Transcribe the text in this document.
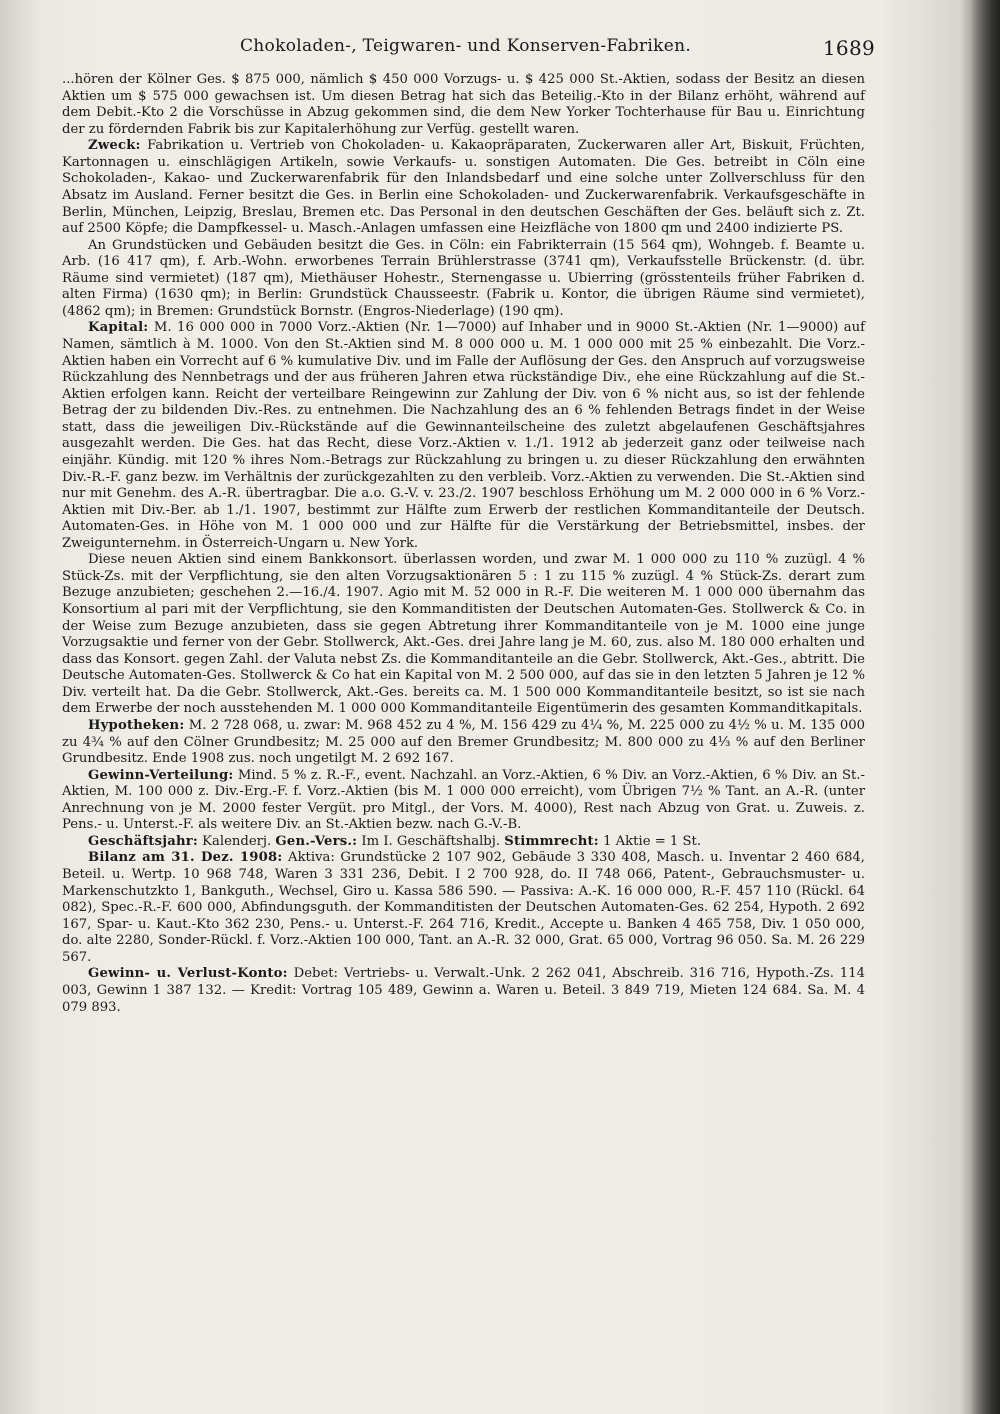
Chokoladen-, Teigwaren- und Konserven-Fabriken.	1689

...hören der Kölner Ges. $ 875 000, nämlich $ 450 000 Vorzugs- u. $ 425 000 St.-Aktien, sodass der Besitz an diesen Aktien um $ 575 000 gewachsen ist. Um diesen Betrag hat sich das Beteilig.-Kto in der Bilanz erhöht, während auf dem Debit.-Kto 2 die Vorschüsse in Abzug gekommen sind, die dem New Yorker Tochterhause für Bau u. Einrichtung der zu fördernden Fabrik bis zur Kapitalerhöhung zur Verfüg. gestellt waren.

Zweck: Fabrikation u. Vertrieb von Chokoladen- u. Kakaopräparaten, Zuckerwaren aller Art, Biskuit, Früchten, Kartonnagen u. einschlägigen Artikeln, sowie Verkaufs- u. sonstigen Automaten. Die Ges. betreibt in Cöln eine Schokoladen-, Kakao- und Zuckerwarenfabrik für den Inlandsbedarf und eine solche unter Zollverschluss für den Absatz im Ausland. Ferner besitzt die Ges. in Berlin eine Schokoladen- und Zuckerwarenfabrik. Verkaufsgeschäfte in Berlin, München, Leipzig, Breslau, Bremen etc. Das Personal in den deutschen Geschäften der Ges. beläuft sich z. Zt. auf 2500 Köpfe; die Dampfkessel- u. Masch.-Anlagen umfassen eine Heizfläche von 1800 qm und 2400 indizierte PS.

An Grundstücken und Gebäuden besitzt die Ges. in Cöln: ein Fabrikterrain (15 564 qm), Wohngeb. f. Beamte u. Arb. (16 417 qm), f. Arb.-Wohn. erworbenes Terrain Brühlerstrasse (3741 qm), Verkaufsstelle Brückenstr. (d. übr. Räume sind vermietet) (187 qm), Miethäuser Hohestr., Sternengasse u. Ubierring (grösstenteils früher Fabriken d. alten Firma) (1630 qm); in Berlin: Grundstück Chausseestr. (Fabrik u. Kontor, die übrigen Räume sind vermietet), (4862 qm); in Bremen: Grundstück Bornstr. (Engros-Niederlage) (190 qm).

Kapital: M. 16 000 000 in 7000 Vorz.-Aktien (Nr. 1—7000) auf Inhaber und in 9000 St.-Aktien (Nr. 1—9000) auf Namen, sämtlich à M. 1000. Von den St.-Aktien sind M. 8 000 000 u. M. 1 000 000 mit 25 % einbezahlt. Die Vorz.-Aktien haben ein Vorrecht auf 6 % kumulative Div. und im Falle der Auflösung der Ges. den Anspruch auf vorzugsweise Rückzahlung des Nennbetrags und der aus früheren Jahren etwa rückständige Div., ehe eine Rückzahlung auf die St.-Aktien erfolgen kann. Reicht der verteilbare Reingewinn zur Zahlung der Div. von 6 % nicht aus, so ist der fehlende Betrag der zu bildenden Div.-Res. zu entnehmen. Die Nachzahlung des an 6 % fehlenden Betrags findet in der Weise statt, dass die jeweiligen Div.-Rückstände auf die Gewinnanteilscheine des zuletzt abgelaufenen Geschäftsjahres ausgezahlt werden. Die Ges. hat das Recht, diese Vorz.-Aktien v. 1./1. 1912 ab jederzeit ganz oder teilweise nach einjähr. Kündig. mit 120 % ihres Nom.-Betrags zur Rückzahlung zu bringen u. zu dieser Rückzahlung den erwähnten Div.-R.-F. ganz bezw. im Verhältnis der zurückgezahlten zu den verbleib. Vorz.-Aktien zu verwenden. Die St.-Aktien sind nur mit Genehm. des A.-R. übertragbar. Die a.o. G.-V. v. 23./2. 1907 beschloss Erhöhung um M. 2 000 000 in 6 % Vorz.-Aktien mit Div.-Ber. ab 1./1. 1907, bestimmt zur Hälfte zum Erwerb der restlichen Kommanditanteile der Deutsch. Automaten-Ges. in Höhe von M. 1 000 000 und zur Hälfte für die Verstärkung der Betriebsmittel, insbes. der Zweigunternehm. in Österreich-Ungarn u. New York.

Diese neuen Aktien sind einem Bankkonsort. überlassen worden, und zwar M. 1 000 000 zu 110 % zuzügl. 4 % Stück-Zs. mit der Verpflichtung, sie den alten Vorzugsaktionären 5 : 1 zu 115 % zuzügl. 4 % Stück-Zs. derart zum Bezuge anzubieten; geschehen 2.—16./4. 1907. Agio mit M. 52 000 in R.-F. Die weiteren M. 1 000 000 übernahm das Konsortium al pari mit der Verpflichtung, sie den Kommanditisten der Deutschen Automaten-Ges. Stollwerck & Co. in der Weise zum Bezuge anzubieten, dass sie gegen Abtretung ihrer Kommanditanteile von je M. 1000 eine junge Vorzugsaktie und ferner von der Gebr. Stollwerck, Akt.-Ges. drei Jahre lang je M. 60, zus. also M. 180 000 erhalten und dass das Konsort. gegen Zahl. der Valuta nebst Zs. die Kommanditanteile an die Gebr. Stollwerck, Akt.-Ges., abtritt. Die Deutsche Automaten-Ges. Stollwerck & Co hat ein Kapital von M. 2 500 000, auf das sie in den letzten 5 Jahren je 12 % Div. verteilt hat. Da die Gebr. Stollwerck, Akt.-Ges. bereits ca. M. 1 500 000 Kommanditanteile besitzt, so ist sie nach dem Erwerbe der noch ausstehenden M. 1 000 000 Kommanditanteile Eigentümerin des gesamten Kommanditkapitals.

Hypotheken: M. 2 728 068, u. zwar: M. 968 452 zu 4 %, M. 156 429 zu 4¼ %, M. 225 000 zu 4½ % u. M. 135 000 zu 4¾ % auf den Cölner Grundbesitz; M. 25 000 auf den Bremer Grundbesitz; M. 800 000 zu 4⅓ % auf den Berliner Grundbesitz. Ende 1908 zus. noch ungetilgt M. 2 692 167.

Gewinn-Verteilung: Mind. 5 % z. R.-F., event. Nachzahl. an Vorz.-Aktien, 6 % Div. an Vorz.-Aktien, 6 % Div. an St.-Aktien, M. 100 000 z. Div.-Erg.-F. f. Vorz.-Aktien (bis M. 1 000 000 erreicht), vom Übrigen 7½ % Tant. an A.-R. (unter Anrechnung von je M. 2000 fester Vergüt. pro Mitgl., der Vors. M. 4000), Rest nach Abzug von Grat. u. Zuweis. z. Pens.- u. Unterst.-F. als weitere Div. an St.-Aktien bezw. nach G.-V.-B.

Geschäftsjahr: Kalenderj. Gen.-Vers.: Im I. Geschäftshalbj. Stimmrecht: 1 Aktie = 1 St.

Bilanz am 31. Dez. 1908: Aktiva: Grundstücke 2 107 902, Gebäude 3 330 408, Masch. u. Inventar 2 460 684, Beteil. u. Wertp. 10 968 748, Waren 3 331 236, Debit. I 2 700 928, do. II 748 066, Patent-, Gebrauchsmuster- u. Markenschutzkto 1, Bankguth., Wechsel, Giro u. Kassa 586 590. — Passiva: A.-K. 16 000 000, R.-F. 457 110 (Rückl. 64 082), Spec.-R.-F. 600 000, Abfindungsguth. der Kommanditisten der Deutschen Automaten-Ges. 62 254, Hypoth. 2 692 167, Spar- u. Kaut.-Kto 362 230, Pens.- u. Unterst.-F. 264 716, Kredit., Accepte u. Banken 4 465 758, Div. 1 050 000, do. alte 2280, Sonder-Rückl. f. Vorz.-Aktien 100 000, Tant. an A.-R. 32 000, Grat. 65 000, Vortrag 96 050. Sa. M. 26 229 567.

Gewinn- u. Verlust-Konto: Debet: Vertriebs- u. Verwalt.-Unk. 2 262 041, Abschreib. 316 716, Hypoth.-Zs. 114 003, Gewinn 1 387 132. — Kredit: Vortrag 105 489, Gewinn a. Waren u. Beteil. 3 849 719, Mieten 124 684. Sa. M. 4 079 893.
